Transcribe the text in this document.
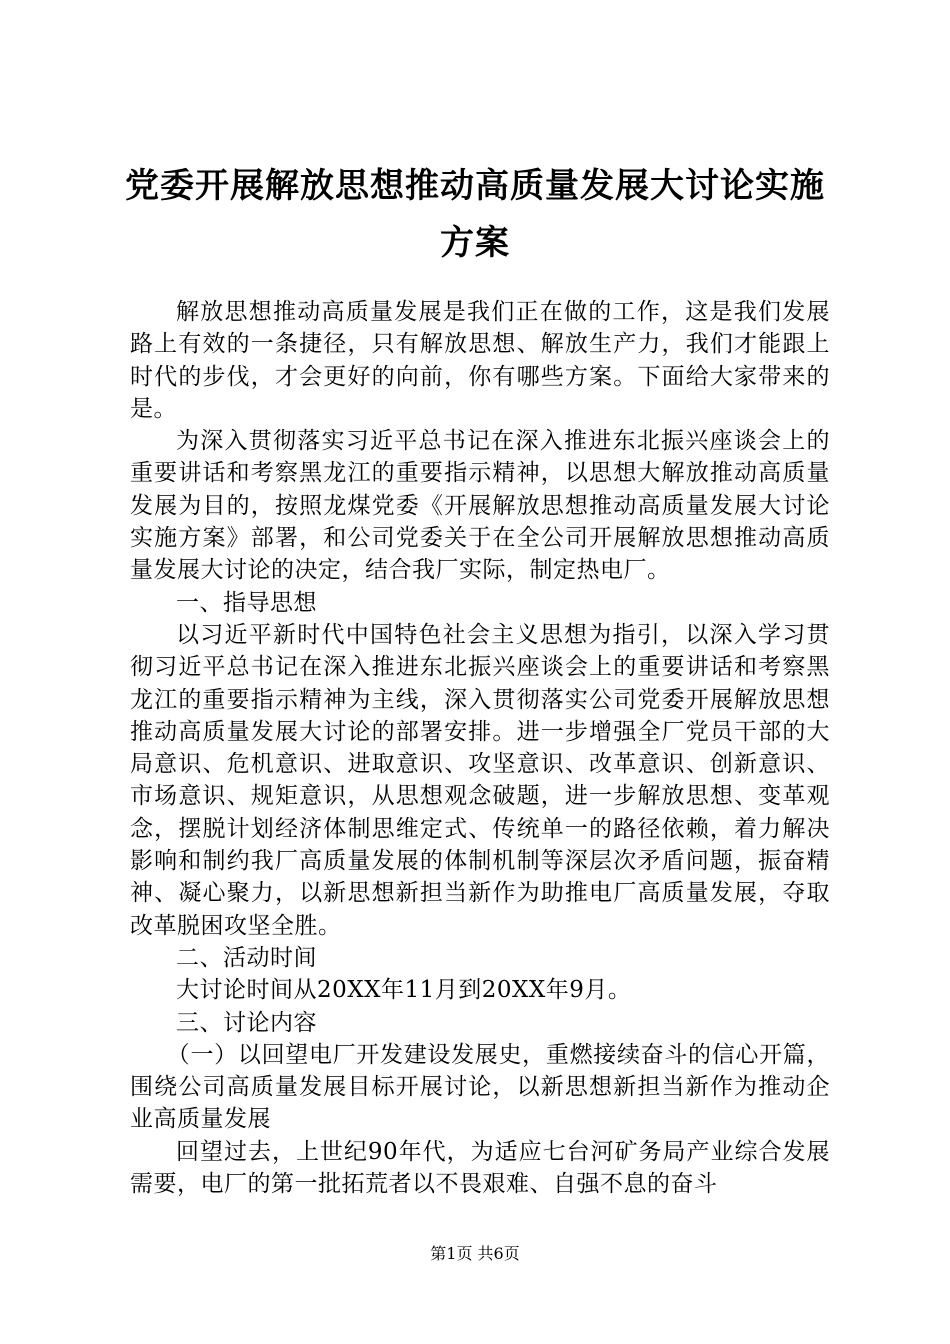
党委开展解放思想推动高质量发展大讨论实施方案

解放思想推动高质量发展是我们正在做的工作，这是我们发展路上有效的一条捷径，只有解放思想、解放生产力，我们才能跟上时代的步伐，才会更好的向前，你有哪些方案。下面给大家带来的是。

为深入贯彻落实习近平总书记在深入推进东北振兴座谈会上的重要讲话和考察黑龙江的重要指示精神，以思想大解放推动高质量发展为目的，按照龙煤党委《开展解放思想推动高质量发展大讨论实施方案》部署，和公司党委关于在全公司开展解放思想推动高质量发展大讨论的决定，结合我厂实际，制定热电厂。

一、指导思想

以习近平新时代中国特色社会主义思想为指引，以深入学习贯彻习近平总书记在深入推进东北振兴座谈会上的重要讲话和考察黑龙江的重要指示精神为主线，深入贯彻落实公司党委开展解放思想推动高质量发展大讨论的部署安排。进一步增强全厂党员干部的大局意识、危机意识、进取意识、攻坚意识、改革意识、创新意识、市场意识、规矩意识，从思想观念破题，进一步解放思想、变革观念，摆脱计划经济体制思维定式、传统单一的路径依赖，着力解决影响和制约我厂高质量发展的体制机制等深层次矛盾问题，振奋精神、凝心聚力，以新思想新担当新作为助推电厂高质量发展，夺取改革脱困攻坚全胜。

二、活动时间

大讨论时间从20XX年11月到20XX年9月。

三、讨论内容

（一）以回望电厂开发建设发展史，重燃接续奋斗的信心开篇，围绕公司高质量发展目标开展讨论，以新思想新担当新作为推动企业高质量发展

回望过去，上世纪90年代，为适应七台河矿务局产业综合发展需要，电厂的第一批拓荒者以不畏艰难、自强不息的奋斗

第1页 共6页
